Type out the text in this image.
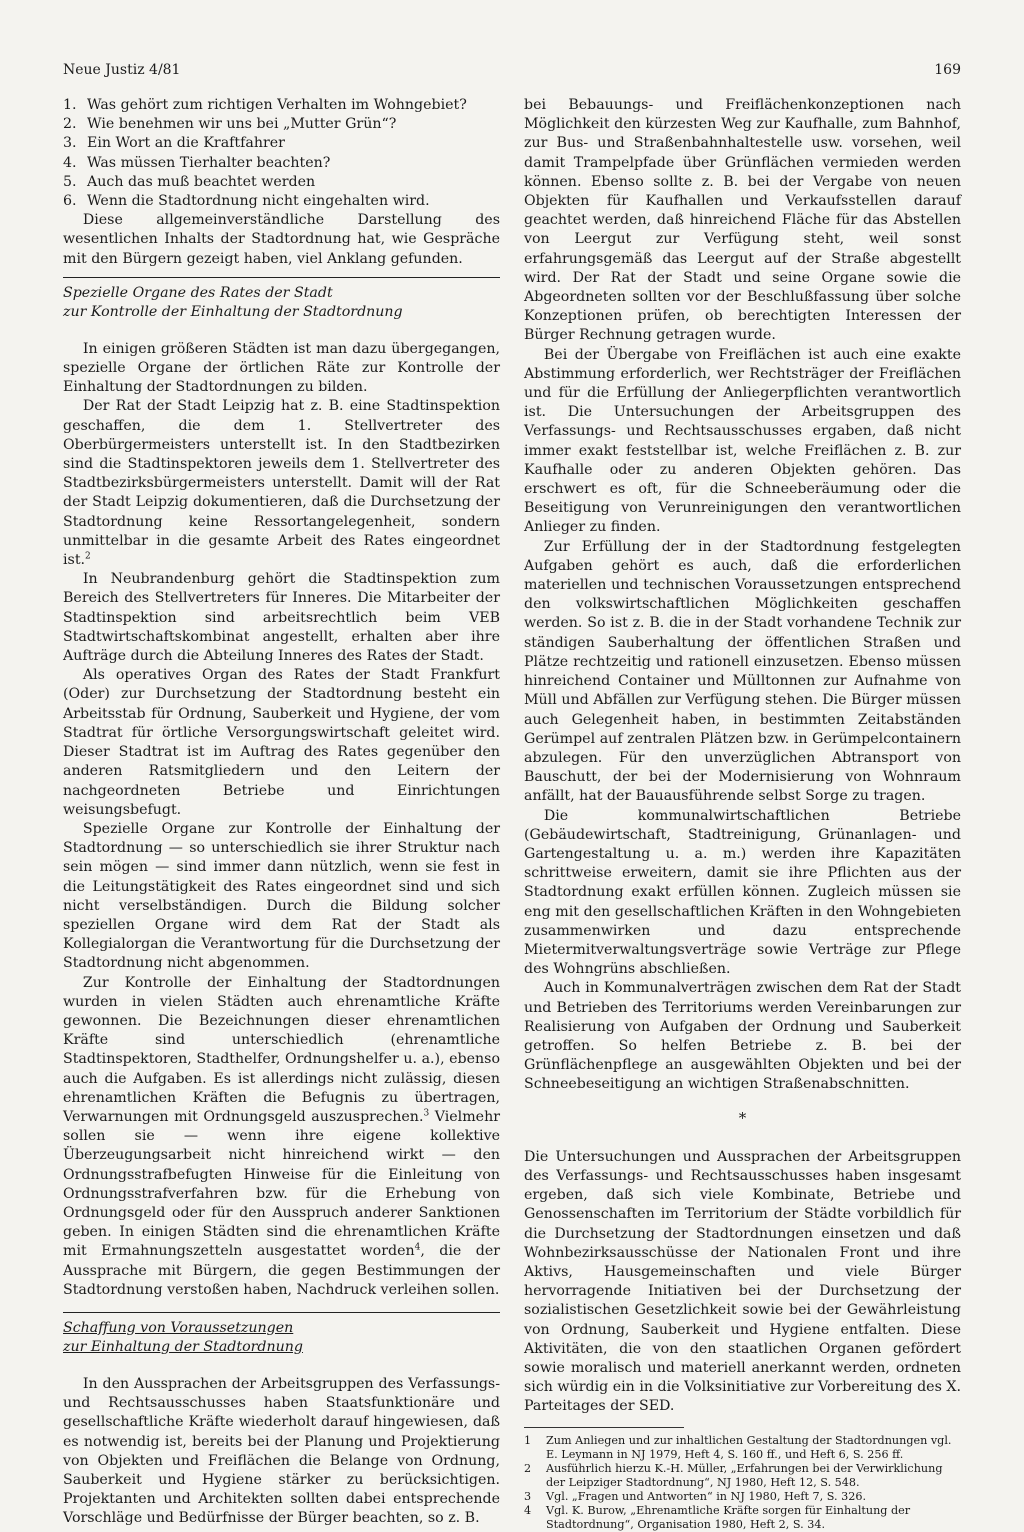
Neue Justiz 4/81	169
1. Was gehört zum richtigen Verhalten im Wohngebiet?
2. Wie benehmen wir uns bei „Mutter Grün“?
3. Ein Wort an die Kraftfahrer
4. Was müssen Tierhalter beachten?
5. Auch das muß beachtet werden
6. Wenn die Stadtordnung nicht eingehalten wird.

Diese allgemeinverständliche Darstellung des wesentlichen Inhalts der Stadtordnung hat, wie Gespräche mit den Bürgern gezeigt haben, viel Anklang gefunden.

Spezielle Organe des Rates der Stadt
zur Kontrolle der Einhaltung der Stadtordnung

In einigen größeren Städten ist man dazu übergegangen, spezielle Organe der örtlichen Räte zur Kontrolle der Einhaltung der Stadtordnungen zu bilden.

Der Rat der Stadt Leipzig hat z. B. eine Stadtinspektion geschaffen, die dem 1. Stellvertreter des Oberbürgermeisters unterstellt ist. In den Stadtbezirken sind die Stadtinspektoren jeweils dem 1. Stellvertreter des Stadtbezirksbürgermeisters unterstellt. Damit will der Rat der Stadt Leipzig dokumentieren, daß die Durchsetzung der Stadtordnung keine Ressortangelegenheit, sondern unmittelbar in die gesamte Arbeit des Rates eingeordnet ist.$^2$

In Neubrandenburg gehört die Stadtinspektion zum Bereich des Stellvertreters für Inneres. Die Mitarbeiter der Stadtinspektion sind arbeitsrechtlich beim VEB Stadtwirtschaftskombinat angestellt, erhalten aber ihre Aufträge durch die Abteilung Inneres des Rates der Stadt.

Als operatives Organ des Rates der Stadt Frankfurt (Oder) zur Durchsetzung der Stadtordnung besteht ein Arbeitsstab für Ordnung, Sauberkeit und Hygiene, der vom Stadtrat für örtliche Versorgungswirtschaft geleitet wird. Dieser Stadtrat ist im Auftrag des Rates gegenüber den anderen Ratsmitgliedern und den Leitern der nachgeordneten Betriebe und Einrichtungen weisungsbefugt.

Spezielle Organe zur Kontrolle der Einhaltung der Stadtordnung — so unterschiedlich sie ihrer Struktur nach sein mögen — sind immer dann nützlich, wenn sie fest in die Leitungstätigkeit des Rates eingeordnet sind und sich nicht verselbständigen. Durch die Bildung solcher speziellen Organe wird dem Rat der Stadt als Kollegialorgan die Verantwortung für die Durchsetzung der Stadtordnung nicht abgenommen.

Zur Kontrolle der Einhaltung der Stadtordnungen wurden in vielen Städten auch ehrenamtliche Kräfte gewonnen. Die Bezeichnungen dieser ehrenamtlichen Kräfte sind unterschiedlich (ehrenamtliche Stadtinspektoren, Stadthelfer, Ordnungshelfer u. a.), ebenso auch die Aufgaben. Es ist allerdings nicht zulässig, diesen ehrenamtlichen Kräften die Befugnis zu übertragen, Verwarnungen mit Ordnungsgeld auszusprechen.$^3$ Vielmehr sollen sie — wenn ihre eigene kollektive Überzeugungsarbeit nicht hinreichend wirkt — den Ordnungsstrafbefugten Hinweise für die Einleitung von Ordnungsstrafverfahren bzw. für die Erhebung von Ordnungsgeld oder für den Ausspruch anderer Sanktionen geben. In einigen Städten sind die ehrenamtlichen Kräfte mit Ermahnungszetteln ausgestattet worden$^4$, die der Aussprache mit Bürgern, die gegen Bestimmungen der Stadtordnung verstoßen haben, Nachdruck verleihen sollen.

Schaffung von Voraussetzungen
zur Einhaltung der Stadtordnung

In den Aussprachen der Arbeitsgruppen des Verfassungs- und Rechtsausschusses haben Staatsfunktionäre und gesellschaftliche Kräfte wiederholt darauf hingewiesen, daß es notwendig ist, bereits bei der Planung und Projektierung von Objekten und Freiflächen die Belange von Ordnung, Sauberkeit und Hygiene stärker zu berücksichtigen. Projektanten und Architekten sollten dabei entsprechende Vorschläge und Bedürfnisse der Bürger beachten, so z. B.

bei Bebauungs- und Freiflächenkonzeptionen nach Möglichkeit den kürzesten Weg zur Kaufhalle, zum Bahnhof, zur Bus- und Straßenbahnhaltestelle usw. vorsehen, weil damit Trampelpfade über Grünflächen vermieden werden können. Ebenso sollte z. B. bei der Vergabe von neuen Objekten für Kaufhallen und Verkaufsstellen darauf geachtet werden, daß hinreichend Fläche für das Abstellen von Leergut zur Verfügung steht, weil sonst erfahrungsgemäß das Leergut auf der Straße abgestellt wird. Der Rat der Stadt und seine Organe sowie die Abgeordneten sollten vor der Beschlußfassung über solche Konzeptionen prüfen, ob berechtigten Interessen der Bürger Rechnung getragen wurde.

Bei der Übergabe von Freiflächen ist auch eine exakte Abstimmung erforderlich, wer Rechtsträger der Freiflächen und für die Erfüllung der Anliegerpflichten verantwortlich ist. Die Untersuchungen der Arbeitsgruppen des Verfassungs- und Rechtsausschusses ergaben, daß nicht immer exakt feststellbar ist, welche Freiflächen z. B. zur Kaufhalle oder zu anderen Objekten gehören. Das erschwert es oft, für die Schneeberäumung oder die Beseitigung von Verunreinigungen den verantwortlichen Anlieger zu finden.

Zur Erfüllung der in der Stadtordnung festgelegten Aufgaben gehört es auch, daß die erforderlichen materiellen und technischen Voraussetzungen entsprechend den volkswirtschaftlichen Möglichkeiten geschaffen werden. So ist z. B. die in der Stadt vorhandene Technik zur ständigen Sauberhaltung der öffentlichen Straßen und Plätze rechtzeitig und rationell einzusetzen. Ebenso müssen hinreichend Container und Mülltonnen zur Aufnahme von Müll und Abfällen zur Verfügung stehen. Die Bürger müssen auch Gelegenheit haben, in bestimmten Zeitabständen Gerümpel auf zentralen Plätzen bzw. in Gerümpelcontainern abzulegen. Für den unverzüglichen Abtransport von Bauschutt, der bei der Modernisierung von Wohnraum anfällt, hat der Bauausführende selbst Sorge zu tragen.

Die kommunalwirtschaftlichen Betriebe (Gebäudewirtschaft, Stadtreinigung, Grünanlagen- und Gartengestaltung u. a. m.) werden ihre Kapazitäten schrittweise erweitern, damit sie ihre Pflichten aus der Stadtordnung exakt erfüllen können. Zugleich müssen sie eng mit den gesellschaftlichen Kräften in den Wohngebieten zusammenwirken und dazu entsprechende Mietermitverwaltungsverträge sowie Verträge zur Pflege des Wohngrüns abschließen.

Auch in Kommunalverträgen zwischen dem Rat der Stadt und Betrieben des Territoriums werden Vereinbarungen zur Realisierung von Aufgaben der Ordnung und Sauberkeit getroffen. So helfen Betriebe z. B. bei der Grünflächenpflege an ausgewählten Objekten und bei der Schneebeseitigung an wichtigen Straßenabschnitten.

*

Die Untersuchungen und Aussprachen der Arbeitsgruppen des Verfassungs- und Rechtsausschusses haben insgesamt ergeben, daß sich viele Kombinate, Betriebe und Genossenschaften im Territorium der Städte vorbildlich für die Durchsetzung der Stadtordnungen einsetzen und daß Wohnbezirksausschüsse der Nationalen Front und ihre Aktivs, Hausgemeinschaften und viele Bürger hervorragende Initiativen bei der Durchsetzung der sozialistischen Gesetzlichkeit sowie bei der Gewährleistung von Ordnung, Sauberkeit und Hygiene entfalten. Diese Aktivitäten, die von den staatlichen Organen gefördert sowie moralisch und materiell anerkannt werden, ordneten sich würdig ein in die Volksinitiative zur Vorbereitung des X. Parteitages der SED.

1	Zum Anliegen und zur inhaltlichen Gestaltung der Stadtordnungen vgl. E. Leymann in NJ 1979, Heft 4, S. 160 ff., und Heft 6, S. 256 ff.
2	Ausführlich hierzu K.-H. Müller, „Erfahrungen bei der Verwirklichung der Leipziger Stadtordnung“, NJ 1980, Heft 12, S. 548.
3	Vgl. „Fragen und Antworten“ in NJ 1980, Heft 7, S. 326.
4	Vgl. K. Burow, „Ehrenamtliche Kräfte sorgen für Einhaltung der Stadtordnung“, Organisation 1980, Heft 2, S. 34.
